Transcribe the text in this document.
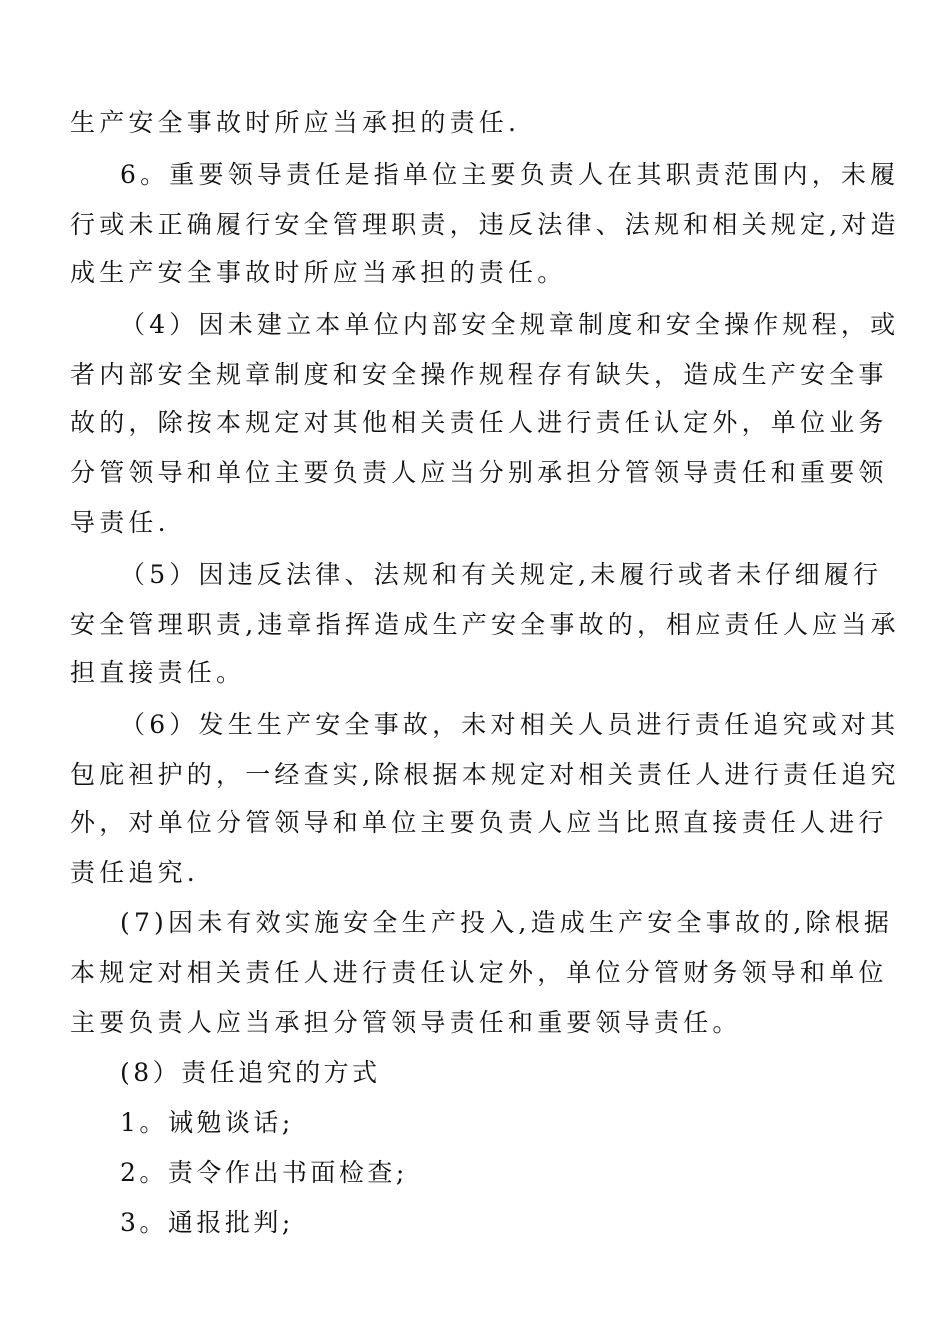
生产安全事故时所应当承担的责任.
6。重要领导责任是指单位主要负责人在其职责范围内，未履
行或未正确履行安全管理职责，违反法律、法规和相关规定,对造
成生产安全事故时所应当承担的责任。
（4）因未建立本单位内部安全规章制度和安全操作规程，或
者内部安全规章制度和安全操作规程存有缺失，造成生产安全事
故的，除按本规定对其他相关责任人进行责任认定外，单位业务
分管领导和单位主要负责人应当分别承担分管领导责任和重要领
导责任.
（5）因违反法律、法规和有关规定,未履行或者未仔细履行
安全管理职责,违章指挥造成生产安全事故的，相应责任人应当承
担直接责任。
（6）发生生产安全事故，未对相关人员进行责任追究或对其
包庇袒护的，一经查实,除根据本规定对相关责任人进行责任追究
外，对单位分管领导和单位主要负责人应当比照直接责任人进行
责任追究.
(7)因未有效实施安全生产投入,造成生产安全事故的,除根据
本规定对相关责任人进行责任认定外，单位分管财务领导和单位
主要负责人应当承担分管领导责任和重要领导责任。
(8）责任追究的方式
1。诫勉谈话;
2。责令作出书面检查;
3。通报批判;
